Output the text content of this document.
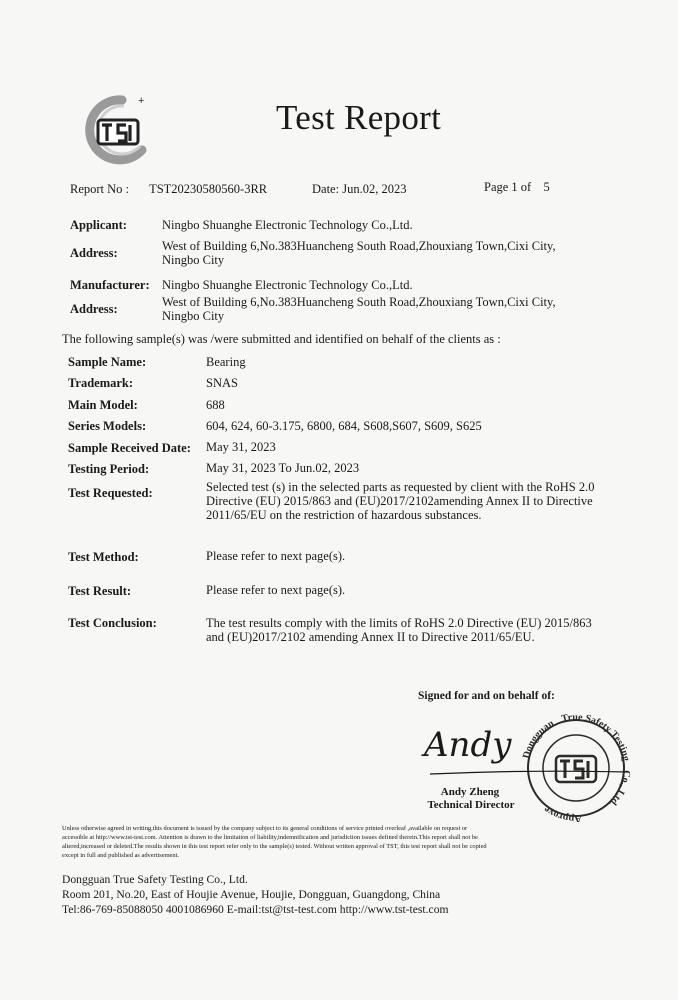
+	Test Report
Report No : TST20230580560-3RR	Date: Jun.02, 2023	Page 1 of 5
Applicant:	Ningbo Shuanghe Electronic Technology Co.,Ltd.
Address:	West of Building 6,No.383Huancheng South Road,Zhouxiang Town,Cixi City,
Ningbo City
Manufacturer: Ningbo Shuanghe Electronic Technology Co.,Ltd.
Address:	West of Building 6,No.383Huancheng South Road,Zhouxiang Town,Cixi City,
Ningbo City
The following sample(s) was /were submitted and identified on behalf of the clients as :
Sample Name:	Bearing
Trademark:	SNAS
Main Model:	688
Series Models:	604, 624, 60-3.175, 6800, 684, S608,S607, S609, S625
Sample Received Date: May 31, 2023
Testing Period:	May 31, 2023 To Jun.02, 2023
Test Requested:	Selected test (s) in the selected parts as requested by client with the RoHS 2.0
Directive (EU) 2015/863 and (EU)2017/2102amending Annex II to Directive
2011/65/EU on the restriction of hazardous substances.
Test Method:	Please refer to next page(s).
Test Result:	Please refer to next page(s).
Test Conclusion:	The test results comply with the limits of RoHS 2.0 Directive (EU) 2015/863
and (EU)2017/2102 amending Annex II to Directive 2011/65/EU.
Signed for and on behalf of:
Dongguan True Safety Testin o., Ltd. Approve
Andy
Andy Zheng
Technical Director
Unless otherwise agreed in writing,this document is issued by the company subject to its general conditions of service printed overleaf ,available on request or
accessible at http://www.tst-test.com. Attention is drawn to the limitation of liability,indemnification and jurisdiction issues defined therein.This report shall not be
altered,increased or deleted.The results shown in this test report refer only to the sample(s) tested. Without written approval of TST, this test report shall not be copied
except in full and published as advertisement.
Dongguan True Safety Testing Co., Ltd.
Room 201, No.20, East of Houjie Avenue, Houjie, Dongguan, Guangdong, China
Tel:86-769-85088050 4001086960 E-mail:tst@tst-test.com http://www.tst-test.com
